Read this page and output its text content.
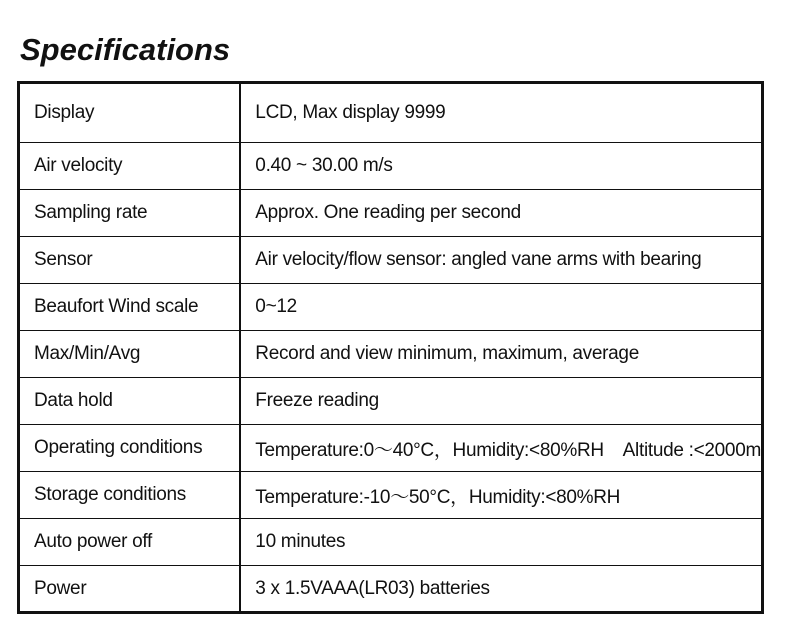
Specifications
Display	LCD, Max display 9999
Air velocity	0.40 ~ 30.00 m/s
Sampling rate	Approx. One reading per second
Sensor	Air velocity/flow sensor: angled vane arms with bearing
Beaufort Wind scale	0~12
Max/Min/Avg	Record and view minimum, maximum, average
Data hold	Freeze reading
Operating conditions	Temperature:0～40°C，Humidity:<80%RH    Altitude :<2000m
Storage conditions	Temperature:-10～50°C，Humidity:<80%RH
Auto power off	10 minutes
Power	3 x 1.5VAAA(LR03) batteries
